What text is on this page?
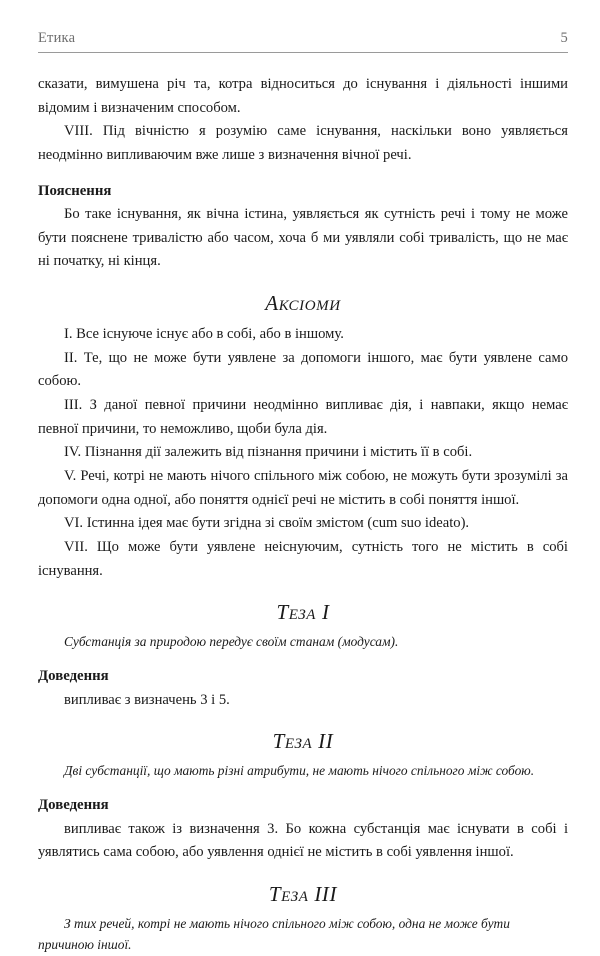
Етика	5

сказати, вимушена річ та, котра відноситься до існування і діяльності іншими відомим і визначеним способом.

VIII. Під вічністю я розумію саме існування, наскільки воно уявляється неодмінно випливаючим вже лише з визначення вічної речі.

Пояснення

Бо таке існування, як вічна істина, уявляється як сутність речі і тому не може бути пояснене тривалістю або часом, хоча б ми уявляли собі тривалість, що не має ні початку, ні кінця.

Аксіоми

I. Все існуюче існує або в собі, або в іншому.

II. Те, що не може бути уявлене за допомоги іншого, має бути уявлене само собою.

III. З даної певної причини неодмінно випливає дія, і навпаки, якщо немає певної причини, то неможливо, щоби була дія.

IV. Пізнання дії залежить від пізнання причини і містить її в собі.

V. Речі, котрі не мають нічого спільного між собою, не можуть бути зрозумілі за допомоги одна одної, або поняття однієї речі не містить в собі поняття іншої.

VI. Істинна ідея має бути згідна зі своїм змістом (cum suo ideato).

VII. Що може бути уявлене неіснуючим, сутність того не містить в собі існування.

Теза I

Субстанція за природою передує своїм станам (модусам).

Доведення

випливає з визначень 3 і 5.

Теза II

Дві субстанції, що мають різні атрибути, не мають нічого спільного між собою.

Доведення

випливає також із визначення 3. Бо кожна субстанція має існувати в собі і уявлятись сама собою, або уявлення однієї не містить в собі уявлення іншої.

Теза III

З тих речей, котрі не мають нічого спільного між собою, одна не може бути причиною іншої.
